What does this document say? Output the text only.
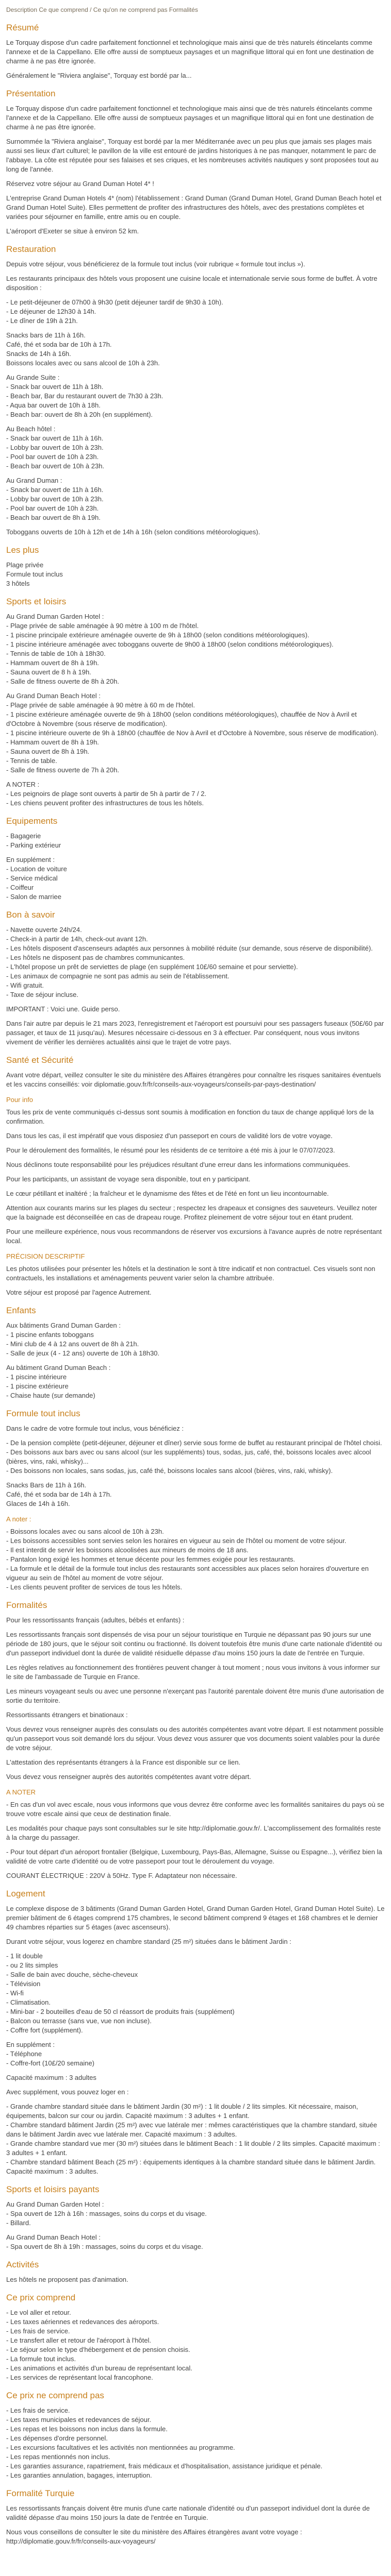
Description Ce que comprend / Ce qu'on ne comprend pas Formalités
Résumé

Le Torquay dispose d'un cadre parfaitement fonctionnel et technologique mais ainsi que de très naturels étincelants comme l'annexe et de la Cappellano. Elle offre aussi de somptueux paysages et un magnifique littoral qui en font une destination de charme à ne pas être ignorée.

Généralement le "Riviera anglaise", Torquay est bordé par la...

Présentation

Le Torquay dispose d'un cadre parfaitement fonctionnel et technologique mais ainsi que de très naturels étincelants comme l'annexe et de la Cappellano. Elle offre aussi de somptueux paysages et un magnifique littoral qui en font une destination de charme à ne pas être ignorée.

Surnommée la "Riviera anglaise", Torquay est bordé par la mer Méditerranée avec un peu plus que jamais ses plages mais aussi ses lieux d'art culturel; le pavillon de la ville est entouré de jardins historiques à ne pas manquer, notamment le parc de l'abbaye. La côte est réputée pour ses falaises et ses criques, et les nombreuses activités nautiques y sont proposées tout au long de l'année.

Réservez votre séjour au Grand Duman Hotel 4* !

L'entreprise Grand Duman Hotels 4* (nom) l'établissement : Grand Duman (Grand Duman Hotel, Grand Duman Beach hotel et Grand Duman Hotel Suite). Elles permettent de profiter des infrastructures des hôtels, avec des prestations complètes et variées pour séjourner en famille, entre amis ou en couple.

L'aéroport d'Exeter se situe à environ 52 km.

Restauration

Depuis votre séjour, vous bénéficierez de la formule tout inclus (voir rubrique « formule tout inclus »).

Les restaurants principaux des hôtels vous proposent une cuisine locale et internationale servie sous forme de buffet. À votre disposition :

- Le petit-déjeuner de 07h00 à 9h30 (petit déjeuner tardif de 9h30 à 10h).
- Le déjeuner de 12h30 à 14h.
- Le dîner de 19h à 21h.
Snacks bars de 11h à 16h.
Café, thé et soda bar de 10h à 17h.
Snacks de 14h à 16h.
Boissons locales avec ou sans alcool de 10h à 23h.
Au Grande Suite :
- Snack bar ouvert de 11h à 18h.
- Beach bar, Bar du restaurant ouvert de 7h30 à 23h.
- Aqua bar ouvert de 10h à 18h.
- Beach bar: ouvert de 8h à 20h (en supplément).
Au Beach hôtel :
- Snack bar ouvert de 11h à 16h.
- Lobby bar ouvert de 10h à 23h.
- Pool bar ouvert de 10h à 23h.
- Beach bar ouvert de 10h à 23h.
Au Grand Duman :
- Snack bar ouvert de 11h à 16h.
- Lobby bar ouvert de 10h à 23h.
- Pool bar ouvert de 10h à 23h.
- Beach bar ouvert de 8h à 19h.
Toboggans ouverts de 10h à 12h et de 14h à 16h (selon conditions météorologiques).
Les plus
Plage privée
Formule tout inclus
3 hôtels
Sports et loisirs
Au Grand Duman Garden Hotel :
- Plage privée de sable aménagée à 90 mètre à 100 m de l'hôtel.
- 1 piscine principale extérieure aménagée ouverte de 9h à 18h00 (selon conditions météorologiques).
- 1 piscine intérieure aménagée avec toboggans ouverte de 9h00 à 18h00 (selon conditions météorologiques).
- Tennis de table de 10h à 18h30.
- Hammam ouvert de 8h à 19h.
- Sauna ouvert de 8 h à 19h.
- Salle de fitness ouverte de 8h à 20h.
Au Grand Duman Beach Hotel :
- Plage privée de sable aménagée à 90 mètre à 60 m de l'hôtel.
- 1 piscine extérieure aménagée ouverte de 9h à 18h00 (selon conditions météorologiques), chauffée de Nov à Avril et d'Octobre à Novembre (sous réserve de modification).
- 1 piscine intérieure ouverte de 9h à 18h00 (chauffée de Nov à Avril et d'Octobre à Novembre, sous réserve de modification).
- Hammam ouvert de 8h à 19h.
- Sauna ouvert de 8h à 19h.
- Tennis de table.
- Salle de fitness ouverte de 7h à 20h.
A NOTER :
- Les peignoirs de plage sont ouverts à partir de 5h à partir de 7 / 2.
- Les chiens peuvent profiter des infrastructures de tous les hôtels.
Equipements
- Bagagerie
- Parking extérieur
En supplément :
- Location de voiture
- Service médical
- Coiffeur
- Salon de marriee
Bon à savoir
- Navette ouverte 24h/24.
- Check-in à partir de 14h, check-out avant 12h.
- Les hôtels disposent d'ascenseurs adaptés aux personnes à mobilité réduite (sur demande, sous réserve de disponibilité).
- Les hôtels ne disposent pas de chambres communicantes.
- L'hôtel propose un prêt de serviettes de plage (en supplément 10£/60 semaine et pour serviette).
- Les animaux de compagnie ne sont pas admis au sein de l'établissement.
- Wifi gratuit.
- Taxe de séjour incluse.

IMPORTANT : Voici une. Guide perso.

Dans l'air autre par depuis le 21 mars 2023, l'enregistrement et l'aéroport est poursuivi pour ses passagers fuseaux (50£/60 par passager, et taux de 11 jusqu'au). Mesures nécessaire ci-dessous en 3 à effectuer. Par conséquent, nous vous invitons vivement de vérifier les dernières actualités ainsi que le trajet de votre pays.

Santé et Sécurité

Avant votre départ, veillez consulter le site du ministère des Affaires étrangères pour connaître les risques sanitaires éventuels et les vaccins conseillés: voir diplomatie.gouv.fr/fr/conseils-aux-voyageurs/conseils-par-pays-destination/

Pour info

Tous les prix de vente communiqués ci-dessus sont soumis à modification en fonction du taux de change appliqué lors de la confirmation.

Dans tous les cas, il est impératif que vous disposiez d'un passeport en cours de validité lors de votre voyage.

Pour le déroulement des formalités, le résumé pour les résidents de ce territoire a été mis à jour le 07/07/2023.

Nous déclinons toute responsabilité pour les préjudices résultant d'une erreur dans les informations communiquées.

Pour les participants, un assistant de voyage sera disponible, tout en y participant.

Le cœur pétillant et inaltéré ; la fraîcheur et le dynamisme des fêtes et de l'été en font un lieu incontournable.

Attention aux courants marins sur les plages du secteur ; respectez les drapeaux et consignes des sauveteurs. Veuillez noter que la baignade est déconseillée en cas de drapeau rouge. Profitez pleinement de votre séjour tout en étant prudent.

Pour une meilleure expérience, nous vous recommandons de réserver vos excursions à l'avance auprès de notre représentant local.

PRÉCISION DESCRIPTIF

Les photos utilisées pour présenter les hôtels et la destination le sont à titre indicatif et non contractuel. Ces visuels sont non contractuels, les installations et aménagements peuvent varier selon la chambre attribuée.

Votre séjour est proposé par l'agence Autrement.

Enfants
Aux bâtiments Grand Duman Garden :
- 1 piscine enfants toboggans
- Mini club de 4 à 12 ans ouvert de 8h à 21h.
- Salle de jeux (4 - 12 ans) ouverte de 10h à 18h30.
Au bâtiment Grand Duman Beach :
- 1 piscine intérieure
- 1 piscine extérieure
- Chaise haute (sur demande)
Formule tout inclus

Dans le cadre de votre formule tout inclus, vous bénéficiez :

- De la pension complète (petit-déjeuner, déjeuner et dîner) servie sous forme de buffet au restaurant principal de l'hôtel choisi.
- Des boissons aux bars avec ou sans alcool (sur les suppléments) tous, sodas, jus, café, thé, boissons locales avec alcool (bières, vins, raki, whisky)...
- Des boissons non locales, sans sodas, jus, café thé, boissons locales sans alcool (bières, vins, raki, whisky).
Snacks Bars de 11h à 16h.
Café, thé et soda bar de 14h à 17h.
Glaces de 14h à 16h.
A noter :
- Boissons locales avec ou sans alcool de 10h à 23h.
- Les boissons accessibles sont servies selon les horaires en vigueur au sein de l'hôtel ou moment de votre séjour.
- Il est interdit de servir les boissons alcoolisées aux mineurs de moins de 18 ans.
- Pantalon long exigé les hommes et tenue décente pour les femmes exigée pour les restaurants.
- La formule et le détail de la formule tout inclus des restaurants sont accessibles aux places selon horaires d'ouverture en vigueur au sein de l'hôtel au moment de votre séjour.
- Les clients peuvent profiter de services de tous les hôtels.
Formalités

Pour les ressortissants français (adultes, bébés et enfants) :

Les ressortissants français sont dispensés de visa pour un séjour touristique en Turquie ne dépassant pas 90 jours sur une période de 180 jours, que le séjour soit continu ou fractionné. Ils doivent toutefois être munis d'une carte nationale d'identité ou d'un passeport individuel dont la durée de validité résiduelle dépasse d'au moins 150 jours la date de l'entrée en Turquie.

Les règles relatives au fonctionnement des frontières peuvent changer à tout moment ; nous vous invitons à vous informer sur le site de l'ambassade de Turquie en France.

Les mineurs voyageant seuls ou avec une personne n'exerçant pas l'autorité parentale doivent être munis d'une autorisation de sortie du territoire.

Ressortissants étrangers et binationaux :

Vous devrez vous renseigner auprès des consulats ou des autorités compétentes avant votre départ. Il est notamment possible qu'un passeport vous soit demandé lors du séjour. Vous devez vous assurer que vos documents soient valables pour la durée de votre séjour.

L'attestation des représentants étrangers à la France est disponible sur ce lien.

Vous devez vous renseigner auprès des autorités compétentes avant votre départ.

A NOTER

- En cas d'un vol avec escale, nous vous informons que vous devrez être conforme avec les formalités sanitaires du pays où se trouve votre escale ainsi que ceux de destination finale.

Les modalités pour chaque pays sont consultables sur le site http://diplomatie.gouv.fr/. L'accomplissement des formalités reste à la charge du passager.

- Pour tout départ d'un aéroport frontalier (Belgique, Luxembourg, Pays-Bas, Allemagne, Suisse ou Espagne...), vérifiez bien la validité de votre carte d'identité ou de votre passeport pour tout le déroulement du voyage.

COURANT ÉLECTRIQUE : 220V à 50Hz. Type F. Adaptateur non nécessaire.

Logement

Le complexe dispose de 3 bâtiments (Grand Duman Garden Hotel, Grand Duman Garden Hotel, Grand Duman Hotel Suite). Le premier bâtiment de 6 étages comprend 175 chambres, le second bâtiment comprend 9 étages et 168 chambres et le dernier 49 chambres réparties sur 5 étages (avec ascenseurs).

Durant votre séjour, vous logerez en chambre standard (25 m²) situées dans le bâtiment Jardin :

- 1 lit double
- ou 2 lits simples
- Salle de bain avec douche, sèche-cheveux
- Télévision
- Wi-fi
- Climatisation.
- Mini-bar - 2 bouteilles d'eau de 50 cl réassort de produits frais (supplément)
- Balcon ou terrasse (sans vue, vue non incluse).
- Coffre fort (supplément).
En supplément :
- Téléphone
- Coffre-fort (10£/20 semaine)

Capacité maximum : 3 adultes

Avec supplément, vous pouvez loger en :

- Grande chambre standard située dans le bâtiment Jardin (30 m²) : 1 lit double / 2 lits simples. Kit nécessaire, maison, équipements, balcon sur cour ou jardin. Capacité maximum : 3 adultes + 1 enfant.
- Chambre standard bâtiment Jardin (25 m²) avec vue latérale mer : mêmes caractéristiques que la chambre standard, située dans le bâtiment Jardin avec vue latérale mer. Capacité maximum : 3 adultes.
- Grande chambre standard vue mer (30 m²) situées dans le bâtiment Beach : 1 lit double / 2 lits simples. Capacité maximum : 3 adultes + 1 enfant.
- Chambre standard bâtiment Beach (25 m²) : équipements identiques à la chambre standard située dans le bâtiment Jardin. Capacité maximum : 3 adultes.
Sports et loisirs payants
Au Grand Duman Garden Hotel :
- Spa ouvert de 12h à 16h : massages, soins du corps et du visage.
- Billard.
Au Grand Duman Beach Hotel :
- Spa ouvert de 8h à 19h : massages, soins du corps et du visage.
Activités

Les hôtels ne proposent pas d'animation.

Ce prix comprend
- Le vol aller et retour.
- Les taxes aériennes et redevances des aéroports.
- Les frais de service.
- Le transfert aller et retour de l'aéroport à l'hôtel.
- Le séjour selon le type d'hébergement et de pension choisis.
- La formule tout inclus.
- Les animations et activités d'un bureau de représentant local.
- Les services de représentant local francophone.
Ce prix ne comprend pas
- Les frais de service.
- Les taxes municipales et redevances de séjour.
- Les repas et les boissons non inclus dans la formule.
- Les dépenses d'ordre personnel.
- Les excursions facultatives et les activités non mentionnées au programme.
- Les repas mentionnés non inclus.
- Les garanties assurance, rapatriement, frais médicaux et d'hospitalisation, assistance juridique et pénale.
- Les garanties annulation, bagages, interruption.
Formalité Turquie

Les ressortissants français doivent être munis d'une carte nationale d'identité ou d'un passeport individuel dont la durée de validité dépasse d'au moins 150 jours la date de l'entrée en Turquie.

Nous vous conseillons de consulter le site du ministère des Affaires étrangères avant votre voyage : http://diplomatie.gouv.fr/fr/conseils-aux-voyageurs/
